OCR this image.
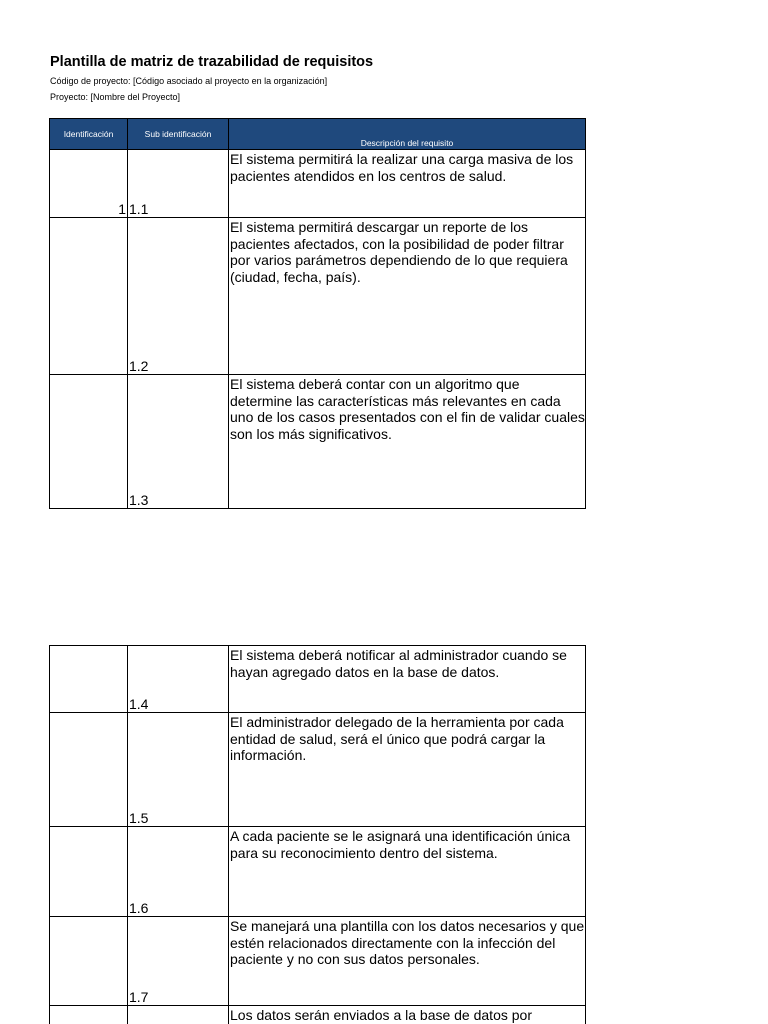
Plantilla de matriz de trazabilidad de requisitos
Código de proyecto: [Código asociado al proyecto en la organización]
Proyecto: [Nombre del Proyecto]
Identificación	Sub identificación	Descripción del requisito

1	1.1	El sistema permitirá la realizar una carga masiva de los pacientes atendidos en los centros de salud.

	1.2	El sistema permitirá descargar un reporte de los pacientes afectados, con la posibilidad de poder filtrar por varios parámetros dependiendo de lo que requiera (ciudad, fecha, país).

	1.3	El sistema deberá contar con un algoritmo que determine las características más relevantes en cada uno de los casos presentados con el fin de validar cuales son los más significativos.

	1.4	El sistema deberá notificar al administrador cuando se hayan agregado datos en la base de datos.

	1.5	El administrador delegado de la herramienta por cada entidad de salud, será el único que podrá cargar la información.

	1.6	A cada paciente se le asignará una identificación única para su reconocimiento dentro del sistema.

	1.7	Se manejará una plantilla con los datos necesarios y que estén relacionados directamente con la infección del paciente y no con sus datos personales.

	Los datos serán enviados a la base de datos por
